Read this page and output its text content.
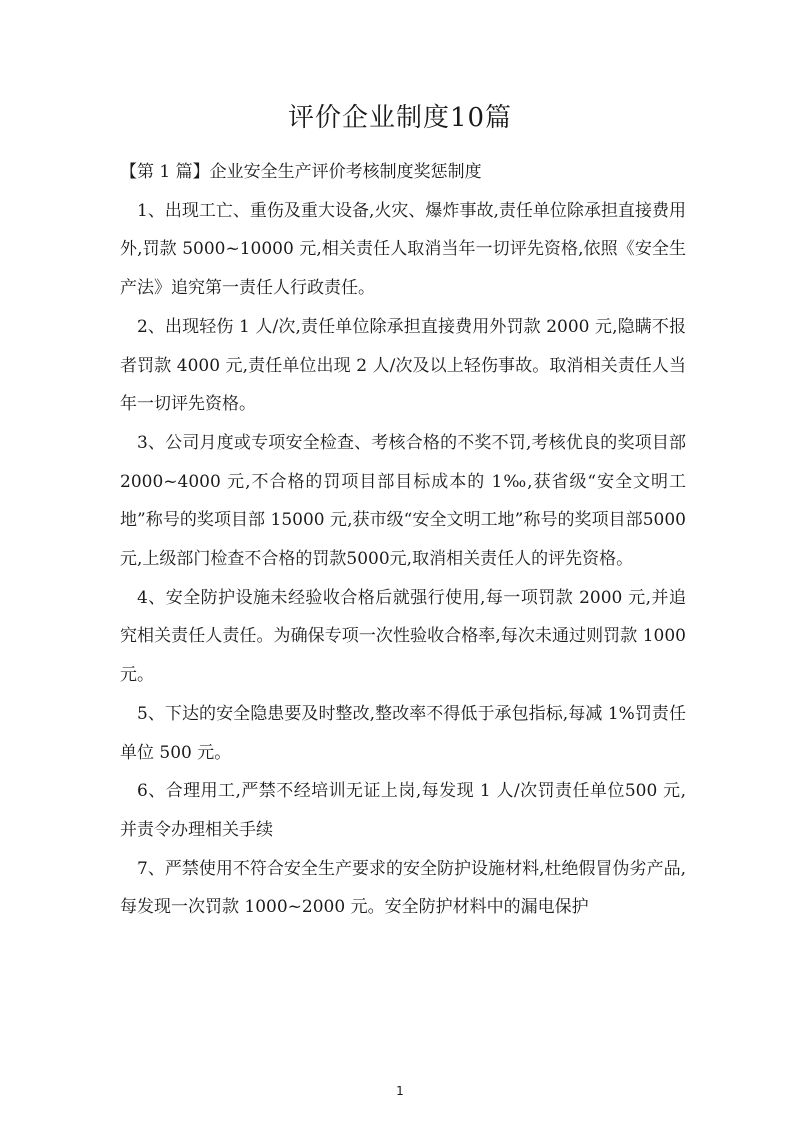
评价企业制度10篇

【第 1 篇】企业安全生产评价考核制度奖惩制度

1、出现工亡、重伤及重大设备,火灾、爆炸事故,责任单位除承担直接费用外,罚款 5000~10000 元,相关责任人取消当年一切评先资格,依照《安全生产法》追究第一责任人行政责任。

2、出现轻伤 1 人/次,责任单位除承担直接费用外罚款 2000 元,隐瞒不报者罚款 4000 元,责任单位出现 2 人/次及以上轻伤事故。取消相关责任人当年一切评先资格。

3、公司月度或专项安全检查、考核合格的不奖不罚,考核优良的奖项目部 2000~4000 元,不合格的罚项目部目标成本的 1‰,获省级“安全文明工地”称号的奖项目部 15000 元,获市级“安全文明工地”称号的奖项目部5000元,上级部门检查不合格的罚款5000元,取消相关责任人的评先资格。

4、安全防护设施未经验收合格后就强行使用,每一项罚款 2000 元,并追究相关责任人责任。为确保专项一次性验收合格率,每次未通过则罚款 1000 元。

5、下达的安全隐患要及时整改,整改率不得低于承包指标,每减 1%罚责任单位 500 元。

6、合理用工,严禁不经培训无证上岗,每发现 1 人/次罚责任单位500 元,并责令办理相关手续

7、严禁使用不符合安全生产要求的安全防护设施材料,杜绝假冒伪劣产品,每发现一次罚款 1000~2000 元。安全防护材料中的漏电保护

1
